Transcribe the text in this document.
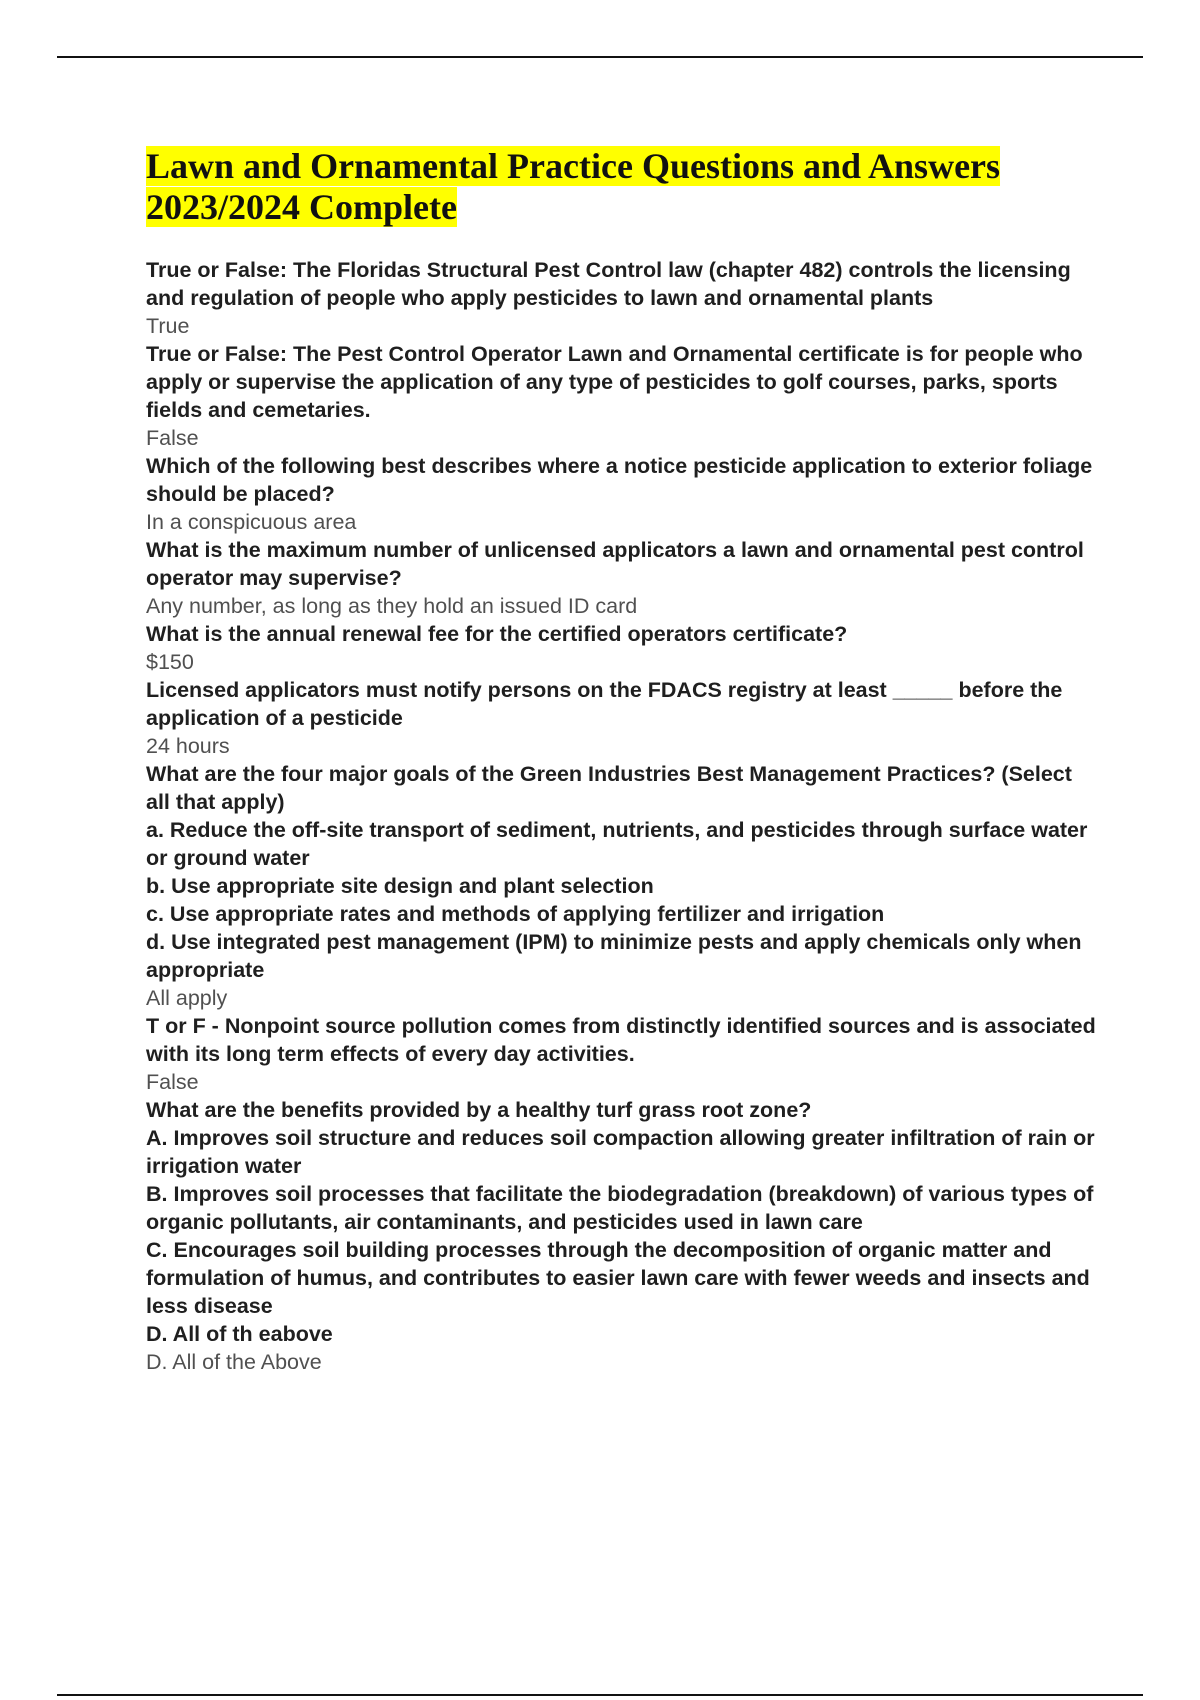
Lawn and Ornamental Practice Questions and Answers
2023/2024 Complete

True or False: The Floridas Structural Pest Control law (chapter 482) controls the licensing and regulation of people who apply pesticides to lawn and ornamental plants

True

True or False: The Pest Control Operator Lawn and Ornamental certificate is for people who apply or supervise the application of any type of pesticides to golf courses, parks, sports fields and cemetaries.

False

Which of the following best describes where a notice pesticide application to exterior foliage should be placed?

In a conspicuous area

What is the maximum number of unlicensed applicators a lawn and ornamental pest control operator may supervise?

Any number, as long as they hold an issued ID card

What is the annual renewal fee for the certified operators certificate?

$150

Licensed applicators must notify persons on the FDACS registry at least _____ before the application of a pesticide

24 hours

What are the four major goals of the Green Industries Best Management Practices? (Select all that apply)

a. Reduce the off-site transport of sediment, nutrients, and pesticides through surface water or ground water

b. Use appropriate site design and plant selection

c. Use appropriate rates and methods of applying fertilizer and irrigation

d. Use integrated pest management (IPM) to minimize pests and apply chemicals only when appropriate

All apply

T or F - Nonpoint source pollution comes from distinctly identified sources and is associated with its long term effects of every day activities.

False

What are the benefits provided by a healthy turf grass root zone?

A. Improves soil structure and reduces soil compaction allowing greater infiltration of rain or irrigation water

B. Improves soil processes that facilitate the biodegradation (breakdown) of various types of organic pollutants, air contaminants, and pesticides used in lawn care

C. Encourages soil building processes through the decomposition of organic matter and formulation of humus, and contributes to easier lawn care with fewer weeds and insects and less disease

D. All of th eabove

D. All of the Above
